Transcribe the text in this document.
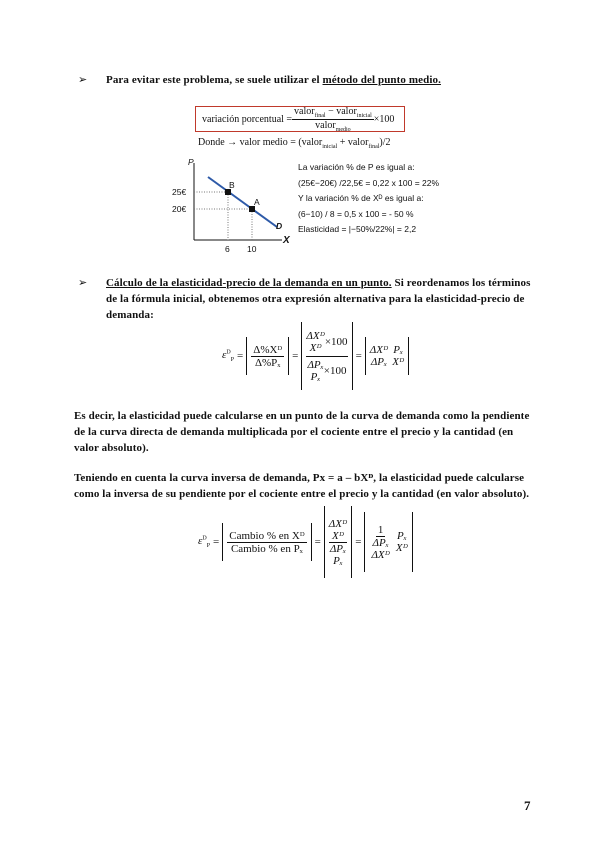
➢ Para evitar este problema, se suele utilizar el método del punto medio.
variación porcentual = $\frac{valor_{final} - valor_{inicial}}{valor_{medio}} \times 100$
Donde → valor medio = (valor$_{inicial}$ + valor$_{final}$)/2
P
X
25€
20€
6 10
B
A
D
La variación % de P es igual a:
(25€−20€) /22,5€ = 0,22 x 100 = 22%
Y la variación % de Xᴰ es igual a:
(6−10) / 8 = 0,5 x 100 = - 50 %
Elasticidad = |−50%/22%| = 2,2
➢ Cálculo de la elasticidad-precio de la demanda en un punto. Si reordenamos los términos
de la fórmula inicial, obtenemos otra expresión alternativa para la elasticidad-precio de
demanda:
$\varepsilon^D_P = \frac{\text{Δ\%Xᴰ}}{\text{Δ\%Pₓ}}$ =
ΔXᴰ
Xᴰ ×100
ΔPₓ
Pₓ ×100
= ΔXᴰ
ΔPₓ
Pₓ
Xᴰ
Es decir, la elasticidad puede calcularse en un punto de la curva de demanda como la pendiente
de la curva directa de demanda multiplicada por el cociente entre el precio y la cantidad (en
valor absoluto).
Teniendo en cuenta la curva inversa de demanda, Px = a – bXᴰ, la elasticidad puede calcularse
como la inversa de su pendiente por el cociente entre el precio y la cantidad (en valor absoluto).
$\varepsilon^D_P = \frac{\text{Cambio \% en Xᴰ}}{\text{Cambio \% en Pₓ}}$ =
ΔXᴰ
Xᴰ
ΔPₓ
Pₓ
= 1
ΔPₓ
ΔXᴰ Pₓ
Xᴰ
7
